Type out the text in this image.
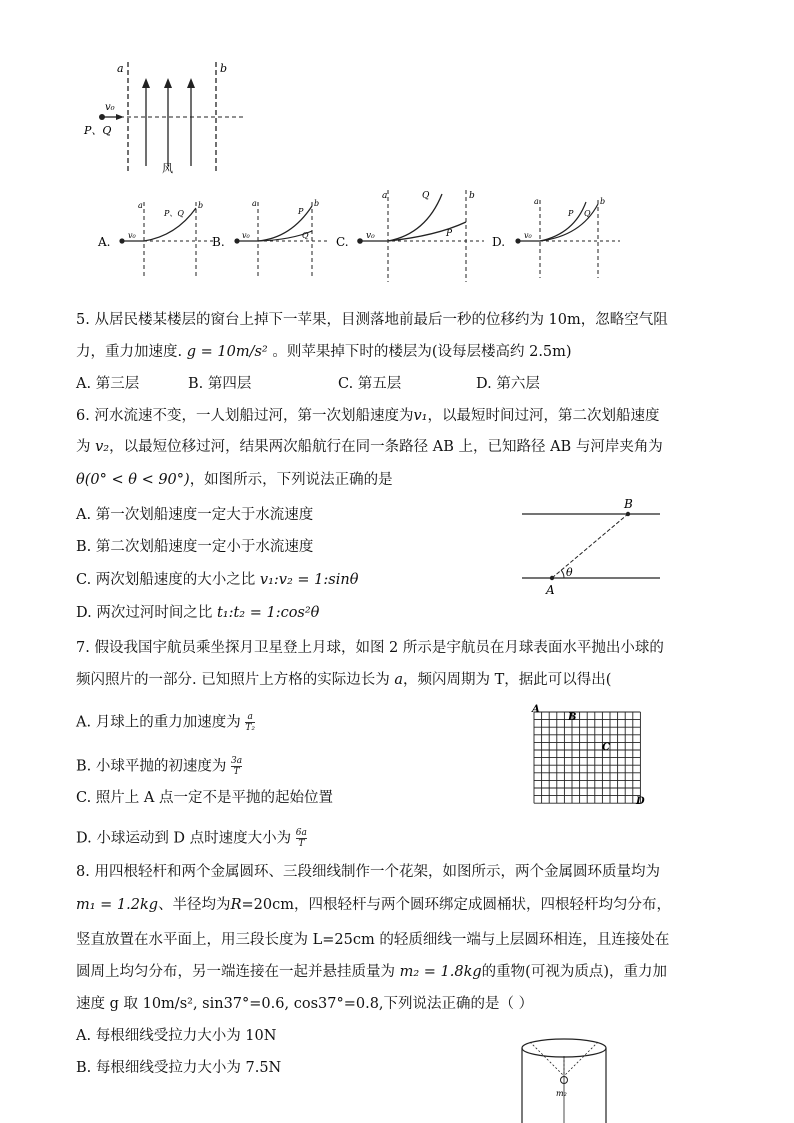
a	b
v₀
P、Q
风
A.
a	b
v₀
P、Q
B.
a	b
v₀
P
Q C.
a	b
v₀
Q
P
D.
a	b
v₀
P Q
5. 从居民楼某楼层的窗台上掉下一苹果，目测落地前最后一秒的位移约为 10m，忽略空气阻
力，重力加速度. g = 10m/s² 。则苹果掉下时的楼层为(设每层楼高约 2.5m)
A. 第三层	B. 第四层	C. 第五层	D. 第六层
6. 河水流速不变，一人划船过河，第一次划船速度为v₁，以最短时间过河，第二次划船速度
为 v₂，以最短位移过河，结果两次船航行在同一条路径 AB 上，已知路径 AB 与河岸夹角为
θ(0° < θ < 90°)，如图所示，下列说法正确的是
A. 第一次划船速度一定大于水流速度
B. 第二次划船速度一定小于水流速度
C. 两次划船速度的大小之比 v₁:v₂ = 1:sinθ
D. 两次过河时间之比 t₁:t₂ = 1:cos²θ
A
B
θ
7. 假设我国宇航员乘坐探月卫星登上月球，如图 2 所示是宇航员在月球表面水平抛出小球的
频闪照片的一部分. 已知照片上方格的实际边长为 a，频闪周期为 T，据此可以得出(
A. 月球上的重力加速度为 $\frac{a}{\text{T₂}}$
B. 小球平抛的初速度为 $\frac{3a}{T}$
C. 照片上 A 点一定不是平抛的起始位置
D. 小球运动到 D 点时速度大小为 $\frac{6a}{T}$
A
B
C
D
8. 用四根轻杆和两个金属圆环、三段细线制作一个花架，如图所示，两个金属圆环质量均为
m₁ = 1.2kg、半径均为R=20cm，四根轻杆与两个圆环绑定成圆桶状，四根轻杆均匀分布，
竖直放置在水平面上，用三段长度为 L=25cm 的轻质细线一端与上层圆环相连，且连接处在
圆周上均匀分布，另一端连接在一起并悬挂质量为 m₂ = 1.8kg的重物(可视为质点)，重力加
速度 g 取 10m/s², sin37°=0.6, cos37°=0.8,下列说法正确的是（ ）
A. 每根细线受拉力大小为 10N
B. 每根细线受拉力大小为 7.5N
m₂
